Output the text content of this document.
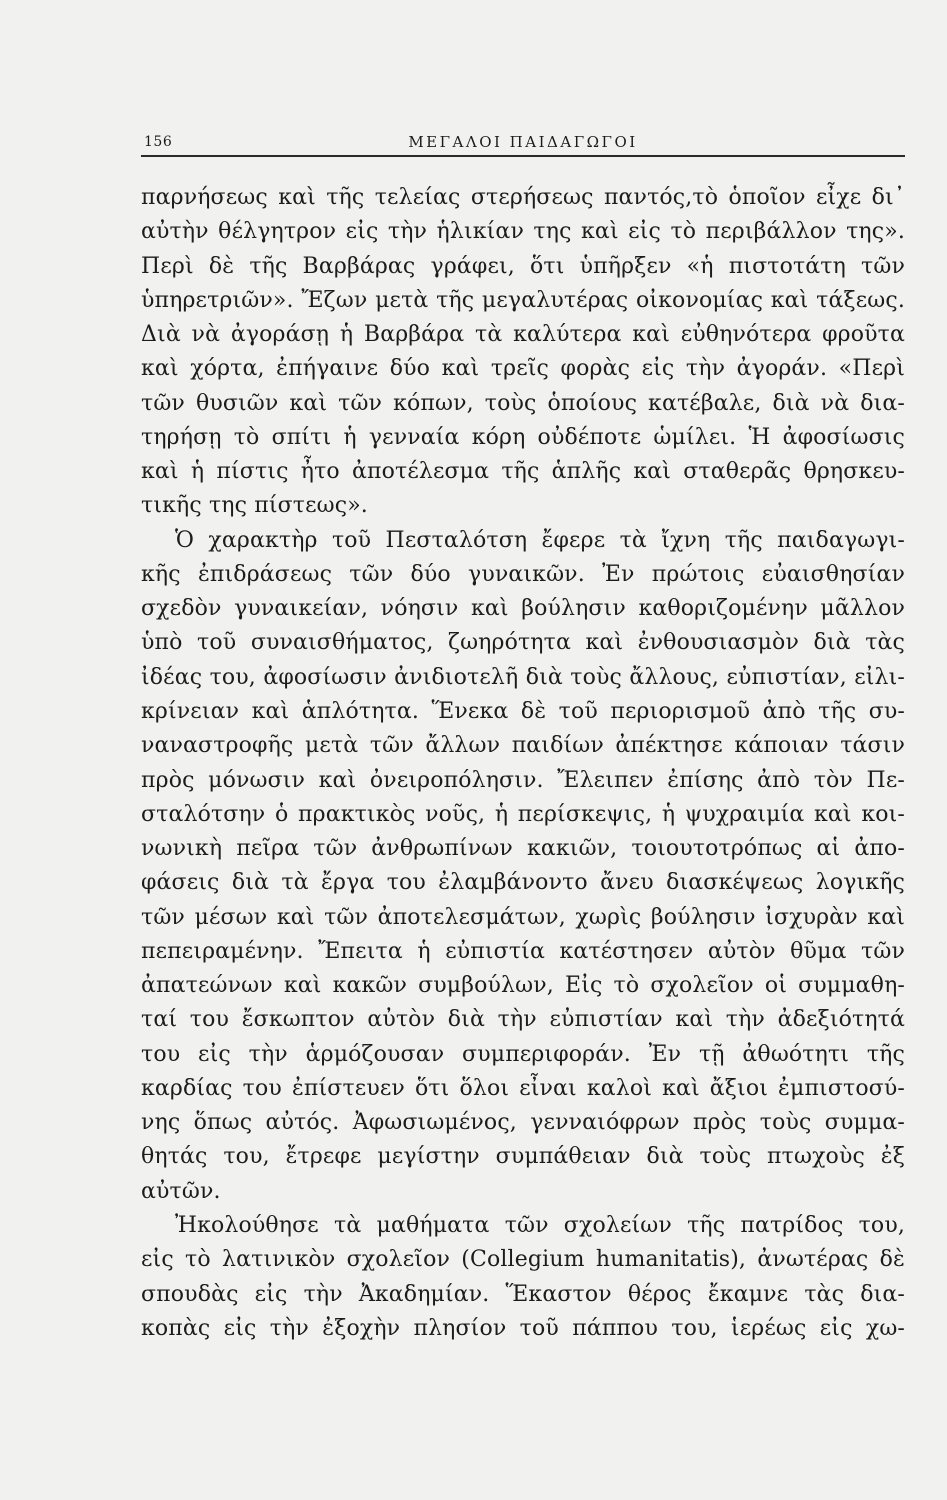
156	ΜΕΓΑΛΟΙ ΠΑΙΔΑΓΩΓΟΙ
παρνήσεως καὶ τῆς τελείας στερήσεως παντός,τὸ ὁποῖον εἶχε δι᾽
αὐτὴν θέλγητρον εἰς τὴν ἡλικίαν της καὶ εἰς τὸ περιβάλλον της».
Περὶ δὲ τῆς Βαρβάρας γράφει, ὅτι ὑπῆρξεν «ἡ πιστοτάτη τῶν
ὑπηρετριῶν». Ἔζων μετὰ τῆς μεγαλυτέρας οἰκονομίας καὶ τάξεως.
Διὰ νὰ ἀγοράσῃ ἡ Βαρβάρα τὰ καλύτερα καὶ εὐθηνότερα φροῦτα
καὶ χόρτα, ἐπήγαινε δύο καὶ τρεῖς φορὰς εἰς τὴν ἀγοράν. «Περὶ
τῶν θυσιῶν καὶ τῶν κόπων, τοὺς ὁποίους κατέβαλε, διὰ νὰ δια-
τηρήσῃ τὸ σπίτι ἡ γενναία κόρη οὐδέποτε ὡμίλει. Ἡ ἀφοσίωσις
καὶ ἡ πίστις ἦτο ἀποτέλεσμα τῆς ἁπλῆς καὶ σταθερᾶς θρησκευ-
τικῆς της πίστεως».
Ὁ χαρακτὴρ τοῦ Πεσταλότση ἔφερε τὰ ἴχνη τῆς παιδαγωγι-
κῆς ἐπιδράσεως τῶν δύο γυναικῶν. Ἐν πρώτοις εὐαισθησίαν
σχεδὸν γυναικείαν, νόησιν καὶ βούλησιν καθοριζομένην μᾶλλον
ὑπὸ τοῦ συναισθήματος, ζωηρότητα καὶ ἐνθουσιασμὸν διὰ τὰς
ἰδέας του, ἀφοσίωσιν ἀνιδιοτελῆ διὰ τοὺς ἄλλους, εὐπιστίαν, εἰλι-
κρίνειαν καὶ ἁπλότητα. Ἕνεκα δὲ τοῦ περιορισμοῦ ἀπὸ τῆς συ-
ναναστροφῆς μετὰ τῶν ἄλλων παιδίων ἀπέκτησε κάποιαν τάσιν
πρὸς μόνωσιν καὶ ὀνειροπόλησιν. Ἔλειπεν ἐπίσης ἀπὸ τὸν Πε-
σταλότσην ὁ πρακτικὸς νοῦς, ἡ περίσκεψις, ἡ ψυχραιμία καὶ κοι-
νωνικὴ πεῖρα τῶν ἀνθρωπίνων κακιῶν, τοιουτοτρόπως αἱ ἀπο-
φάσεις διὰ τὰ ἔργα του ἐλαμβάνοντο ἄνευ διασκέψεως λογικῆς
τῶν μέσων καὶ τῶν ἀποτελεσμάτων, χωρὶς βούλησιν ἰσχυρὰν καὶ
πεπειραμένην. Ἔπειτα ἡ εὐπιστία κατέστησεν αὐτὸν θῦμα τῶν
ἀπατεώνων καὶ κακῶν συμβούλων, Εἰς τὸ σχολεῖον οἱ συμμαθη-
ταί του ἔσκωπτον αὐτὸν διὰ τὴν εὐπιστίαν καὶ τὴν ἀδεξιότητά
του εἰς τὴν ἁρμόζουσαν συμπεριφοράν. Ἐν τῇ ἀθωότητι τῆς
καρδίας του ἐπίστευεν ὅτι ὅλοι εἶναι καλοὶ καὶ ἄξιοι ἐμπιστοσύ-
νης ὅπως αὐτός. Ἀφωσιωμένος, γενναιόφρων πρὸς τοὺς συμμα-
θητάς του, ἔτρεφε μεγίστην συμπάθειαν διὰ τοὺς πτωχοὺς ἐξ
αὐτῶν.
Ἠκολούθησε τὰ μαθήματα τῶν σχολείων τῆς πατρίδος του,
εἰς τὸ λατινικὸν σχολεῖον (Collegium humanitatis), ἀνωτέρας δὲ
σπουδὰς εἰς τὴν Ἀκαδημίαν. Ἕκαστον θέρος ἔκαμνε τὰς δια-
κοπὰς εἰς τὴν ἐξοχὴν πλησίον τοῦ πάππου του, ἱερέως εἰς χω-
